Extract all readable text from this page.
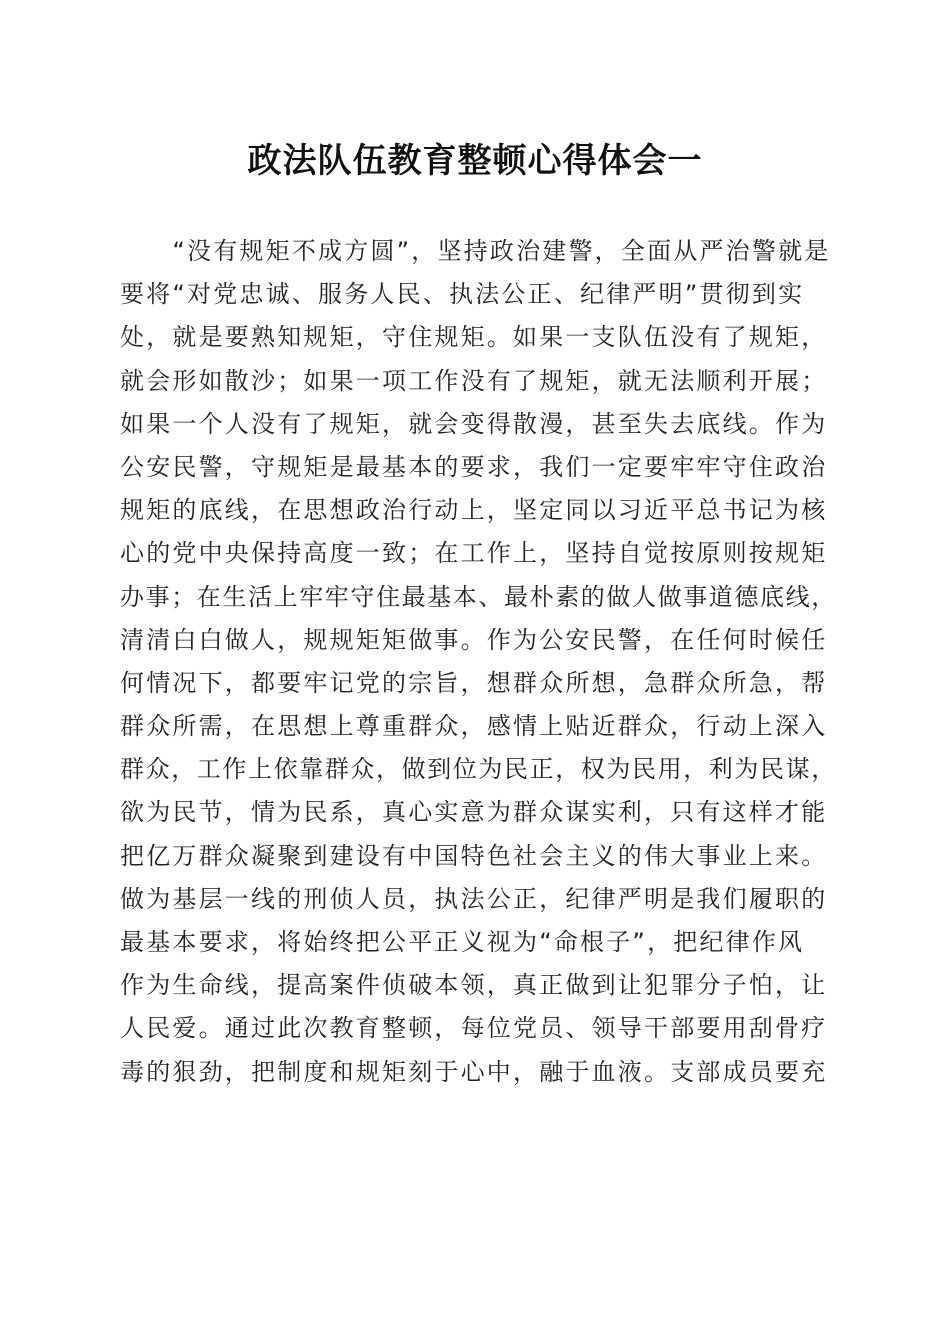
政法队伍教育整顿心得体会一
　　“没有规矩不成方圆”，坚持政治建警，全面从严治警就是
要将“对党忠诚、服务人民、执法公正、纪律严明”贯彻到实
处，就是要熟知规矩，守住规矩。如果一支队伍没有了规矩，
就会形如散沙；如果一项工作没有了规矩，就无法顺利开展；
如果一个人没有了规矩，就会变得散漫，甚至失去底线。作为
公安民警，守规矩是最基本的要求，我们一定要牢牢守住政治
规矩的底线，在思想政治行动上，坚定同以习近平总书记为核
心的党中央保持高度一致；在工作上，坚持自觉按原则按规矩
办事；在生活上牢牢守住最基本、最朴素的做人做事道德底线，
清清白白做人，规规矩矩做事。作为公安民警，在任何时候任
何情况下，都要牢记党的宗旨，想群众所想，急群众所急，帮
群众所需，在思想上尊重群众，感情上贴近群众，行动上深入
群众，工作上依靠群众，做到位为民正，权为民用，利为民谋，
欲为民节，情为民系，真心实意为群众谋实利，只有这样才能
把亿万群众凝聚到建设有中国特色社会主义的伟大事业上来。
做为基层一线的刑侦人员，执法公正，纪律严明是我们履职的
最基本要求，将始终把公平正义视为“命根子”，把纪律作风
作为生命线，提高案件侦破本领，真正做到让犯罪分子怕，让
人民爱。通过此次教育整顿，每位党员、领导干部要用刮骨疗
毒的狠劲，把制度和规矩刻于心中，融于血液。支部成员要充
